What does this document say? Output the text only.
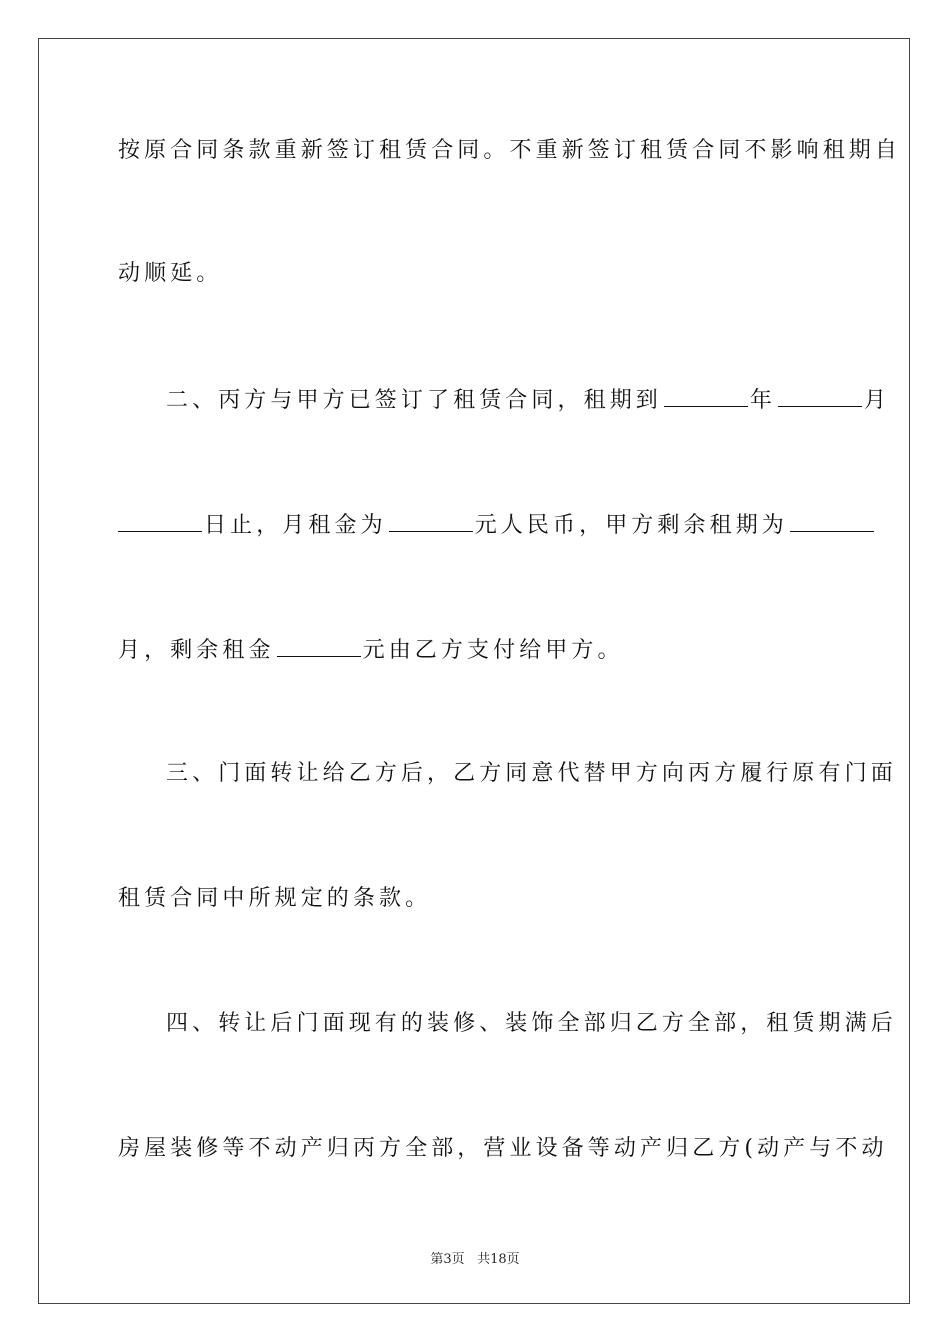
按原合同条款重新签订租赁合同。不重新签订租赁合同不影响租期自
动顺延。
二、丙方与甲方已签订了租赁合同，租期到	年	月
日止，月租金为	元人民币，甲方剩余租期为
月，剩余租金	元由乙方支付给甲方。
三、门面转让给乙方后，乙方同意代替甲方向丙方履行原有门面
租赁合同中所规定的条款。
四、转让后门面现有的装修、装饰全部归乙方全部，租赁期满后
房屋装修等不动产归丙方全部，营业设备等动产归乙方(动产与不动
第3页 共18页
